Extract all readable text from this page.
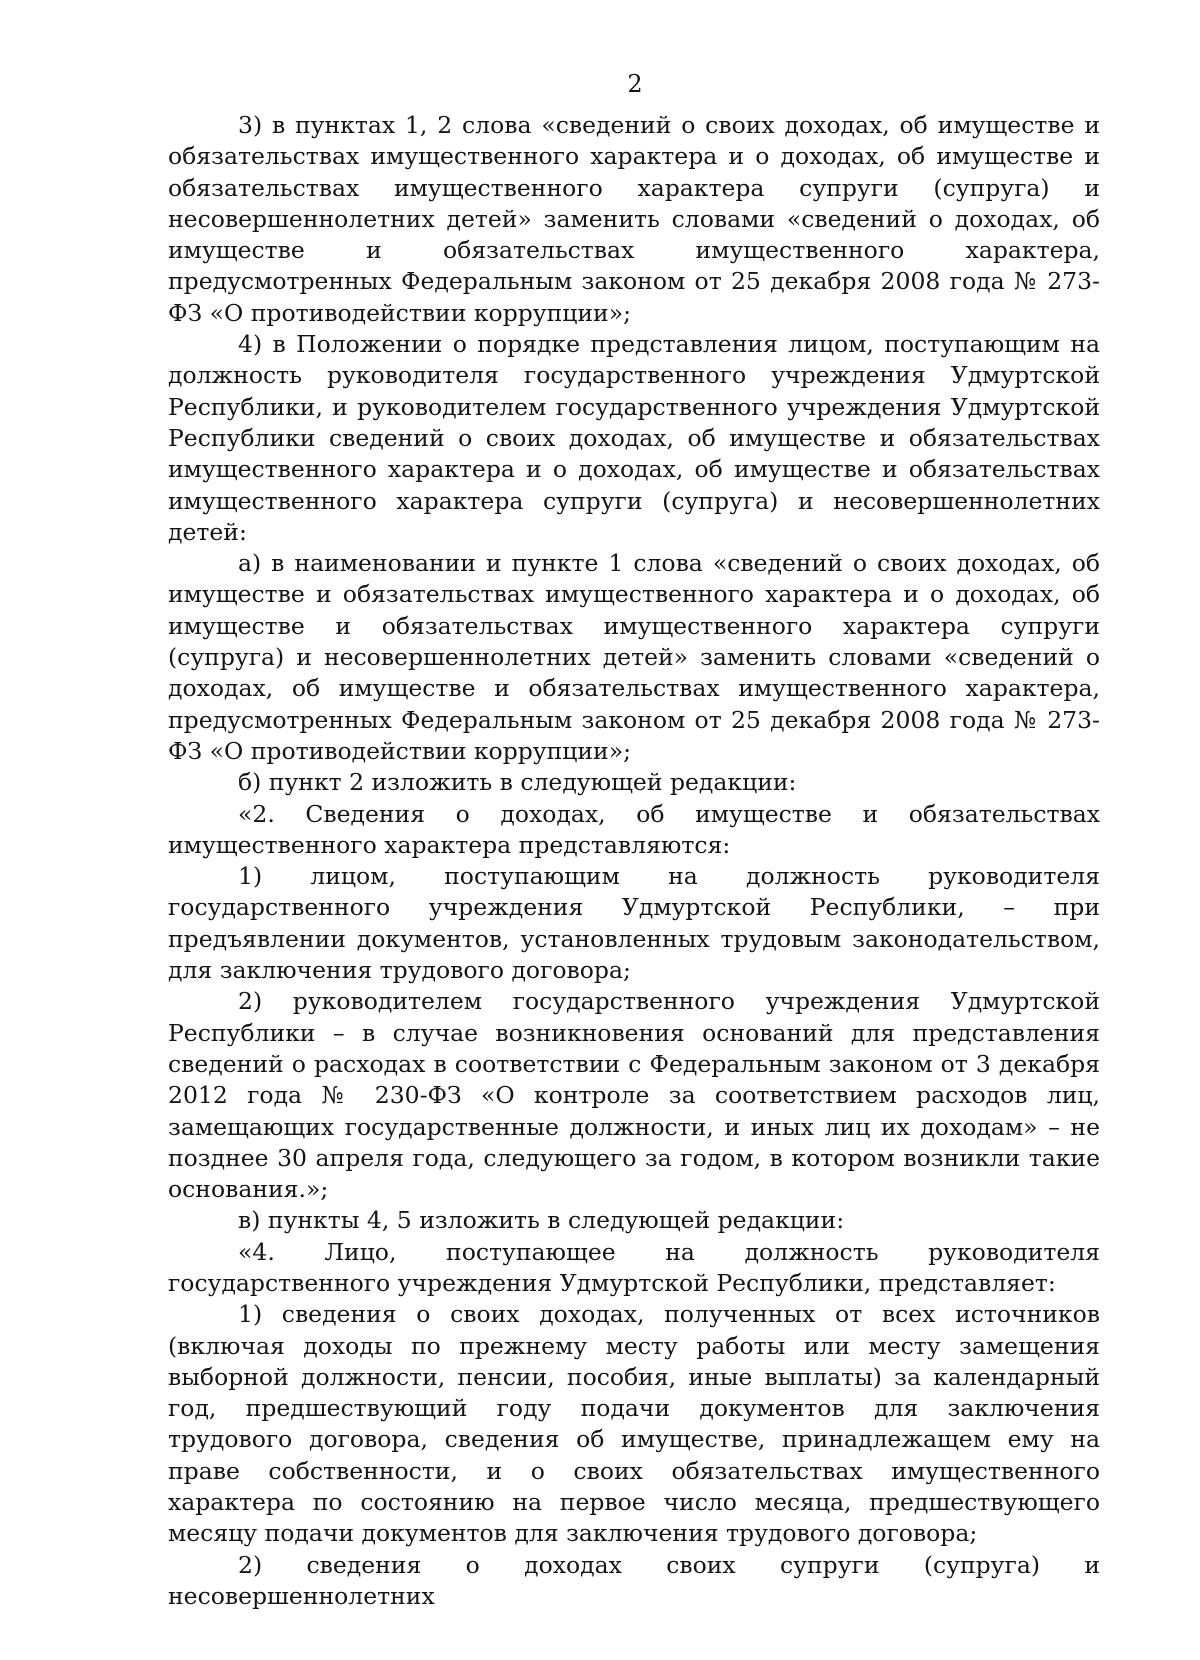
2

3) в пунктах 1, 2 слова «сведений о своих доходах, об имуществе и обязательствах имущественного характера и о доходах, об имуществе и обязательствах имущественного характера супруги (супруга) и несовершеннолетних детей» заменить словами «сведений о доходах, об имуществе и обязательствах имущественного характера, предусмотренных Федеральным законом от 25 декабря 2008 года № 273-ФЗ «О противодействии коррупции»;

4) в Положении о порядке представления лицом, поступающим на должность руководителя государственного учреждения Удмуртской Республики, и руководителем государственного учреждения Удмуртской Республики сведений о своих доходах, об имуществе и обязательствах имущественного характера и о доходах, об имуществе и обязательствах имущественного характера супруги (супруга) и несовершеннолетних детей:

а) в наименовании и пункте 1 слова «сведений о своих доходах, об имуществе и обязательствах имущественного характера и о доходах, об имуществе и обязательствах имущественного характера супруги (супруга) и несовершеннолетних детей» заменить словами «сведений о доходах, об имуществе и обязательствах имущественного характера, предусмотренных Федеральным законом от 25 декабря 2008 года № 273-ФЗ «О противодействии коррупции»;

б) пункт 2 изложить в следующей редакции:

«2. Сведения о доходах, об имуществе и обязательствах имущественного характера представляются:

1) лицом, поступающим на должность руководителя государственного учреждения Удмуртской Республики, – при предъявлении документов, установленных трудовым законодательством, для заключения трудового договора;

2) руководителем государственного учреждения Удмуртской Республики – в случае возникновения оснований для представления сведений о расходах в соответствии с Федеральным законом от 3 декабря 2012 года № 230-ФЗ «О контроле за соответствием расходов лиц, замещающих государственные должности, и иных лиц их доходам» – не позднее 30 апреля года, следующего за годом, в котором возникли такие основания.»;

в) пункты 4, 5 изложить в следующей редакции:

«4. Лицо, поступающее на должность руководителя государственного учреждения Удмуртской Республики, представляет:

1) сведения о своих доходах, полученных от всех источников (включая доходы по прежнему месту работы или месту замещения выборной должности, пенсии, пособия, иные выплаты) за календарный год, предшествующий году подачи документов для заключения трудового договора, сведения об имуществе, принадлежащем ему на праве собственности, и о своих обязательствах имущественного характера по состоянию на первое число месяца, предшествующего месяцу подачи документов для заключения трудового договора;

2) сведения о доходах своих супруги (супруга) и несовершеннолетних
